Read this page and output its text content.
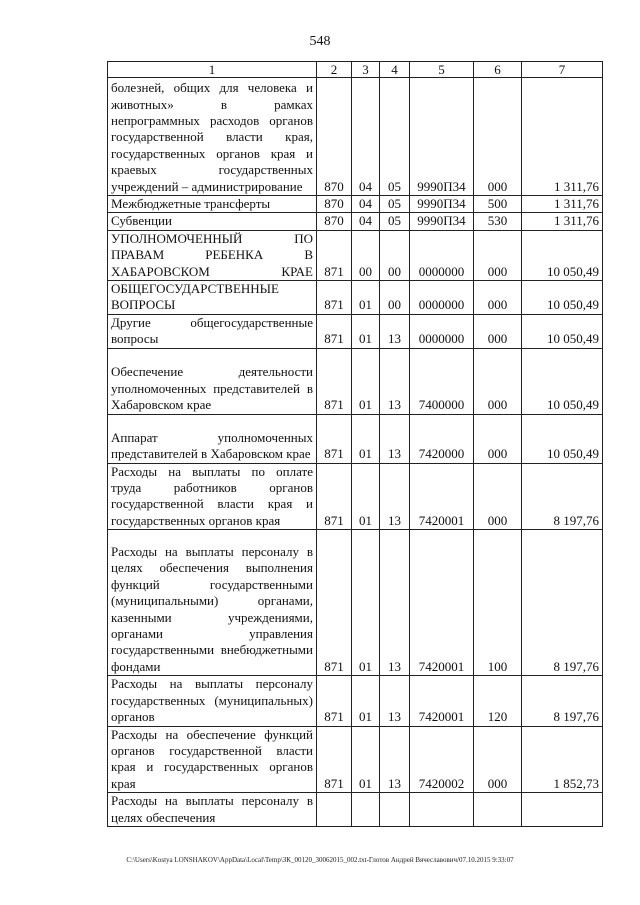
548
1	2	3	4	5	6	7
болезней, общих для человека и животных» в рамках непрограммных расходов органов государственной власти края, государственных органов края и краевых государственных учреждений – администрирование	870	04	05	9990П34	000	1 311,76
Межбюджетные трансферты	870	04	05	9990П34	500	1 311,76
Субвенции	870	04	05	9990П34	530	1 311,76
УПОЛНОМОЧЕННЫЙ ПО ПРАВАМ РЕБЕНКА В ХАБАРОВСКОМ КРАЕ	871	00	00	0000000	000	10 050,49
ОБЩЕГОСУДАРСТВЕННЫЕ ВОПРОСЫ	871	01	00	0000000	000	10 050,49
Другие общегосударственные вопросы	871	01	13	0000000	000	10 050,49
Обеспечение деятельности уполномоченных представителей в Хабаровском крае	871	01	13	7400000	000	10 050,49
Аппарат уполномоченных представителей в Хабаровском крае	871	01	13	7420000	000	10 050,49
Расходы на выплаты по оплате труда работников органов государственной власти края и государственных органов края	871	01	13	7420001	000	8 197,76
Расходы на выплаты персоналу в целях обеспечения выполнения функций государственными (муниципальными) органами, казенными учреждениями, органами управления государственными внебюджетными фондами	871	01	13	7420001	100	8 197,76
Расходы на выплаты персоналу государственных (муниципальных) органов	871	01	13	7420001	120	8 197,76
Расходы на обеспечение функций органов государственной власти края и государственных органов края	871	01	13	7420002	000	1 852,73
Расходы на выплаты персоналу в целях обеспечения						
C:\Users\Kostya LONSHAKOV\AppData\Local\Temp\ЗК_00120_30062015_002.txt-Глотов Андрей Вячеславович/07.10.2015 9:33:07
